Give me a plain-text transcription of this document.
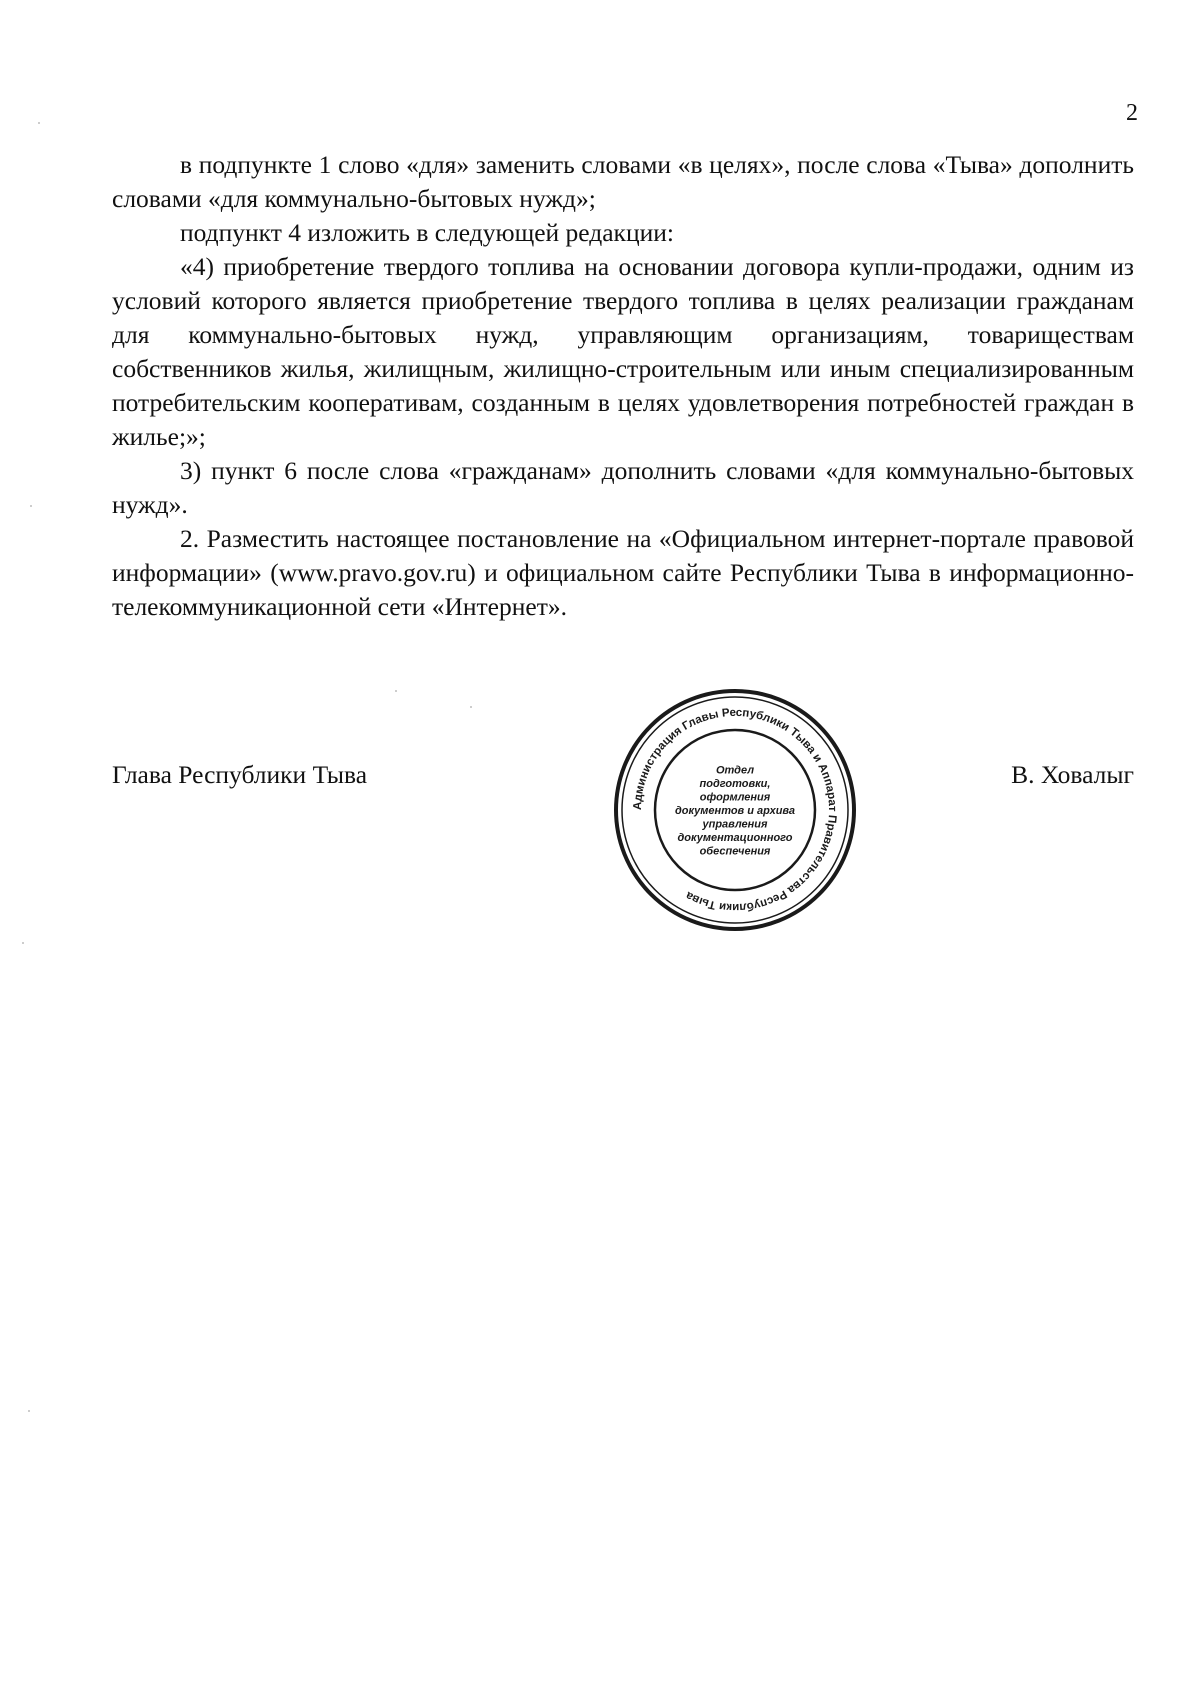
2

в подпункте 1 слово «для» заменить словами «в целях», после слова «Тыва» дополнить словами «для коммунально-бытовых нужд»;

подпункт 4 изложить в следующей редакции:

«4) приобретение твердого топлива на основании договора купли-продажи, одним из условий которого является приобретение твердого топлива в целях реализации гражданам для коммунально-бытовых нужд, управляющим организациям, товариществам собственников жилья, жилищным, жилищно-строительным или иным специализированным потребительским кооперативам, созданным в целях удовлетворения потребностей граждан в жилье;»;

3) пункт 6 после слова «гражданам» дополнить словами «для коммунально-бытовых нужд».

2. Разместить настоящее постановление на «Официальном интернет-портале правовой информации» (www.pravo.gov.ru) и официальном сайте Республики Тыва в информационно-телекоммуникационной сети «Интернет».

Глава Республики Тыва	В. Ховалыг
Администрация Главы Республики Тыва и Аппарат Правительства Республики Тыва
Отдел
подготовки,
оформления
документов и архива
управления
документационного
обеспечения
